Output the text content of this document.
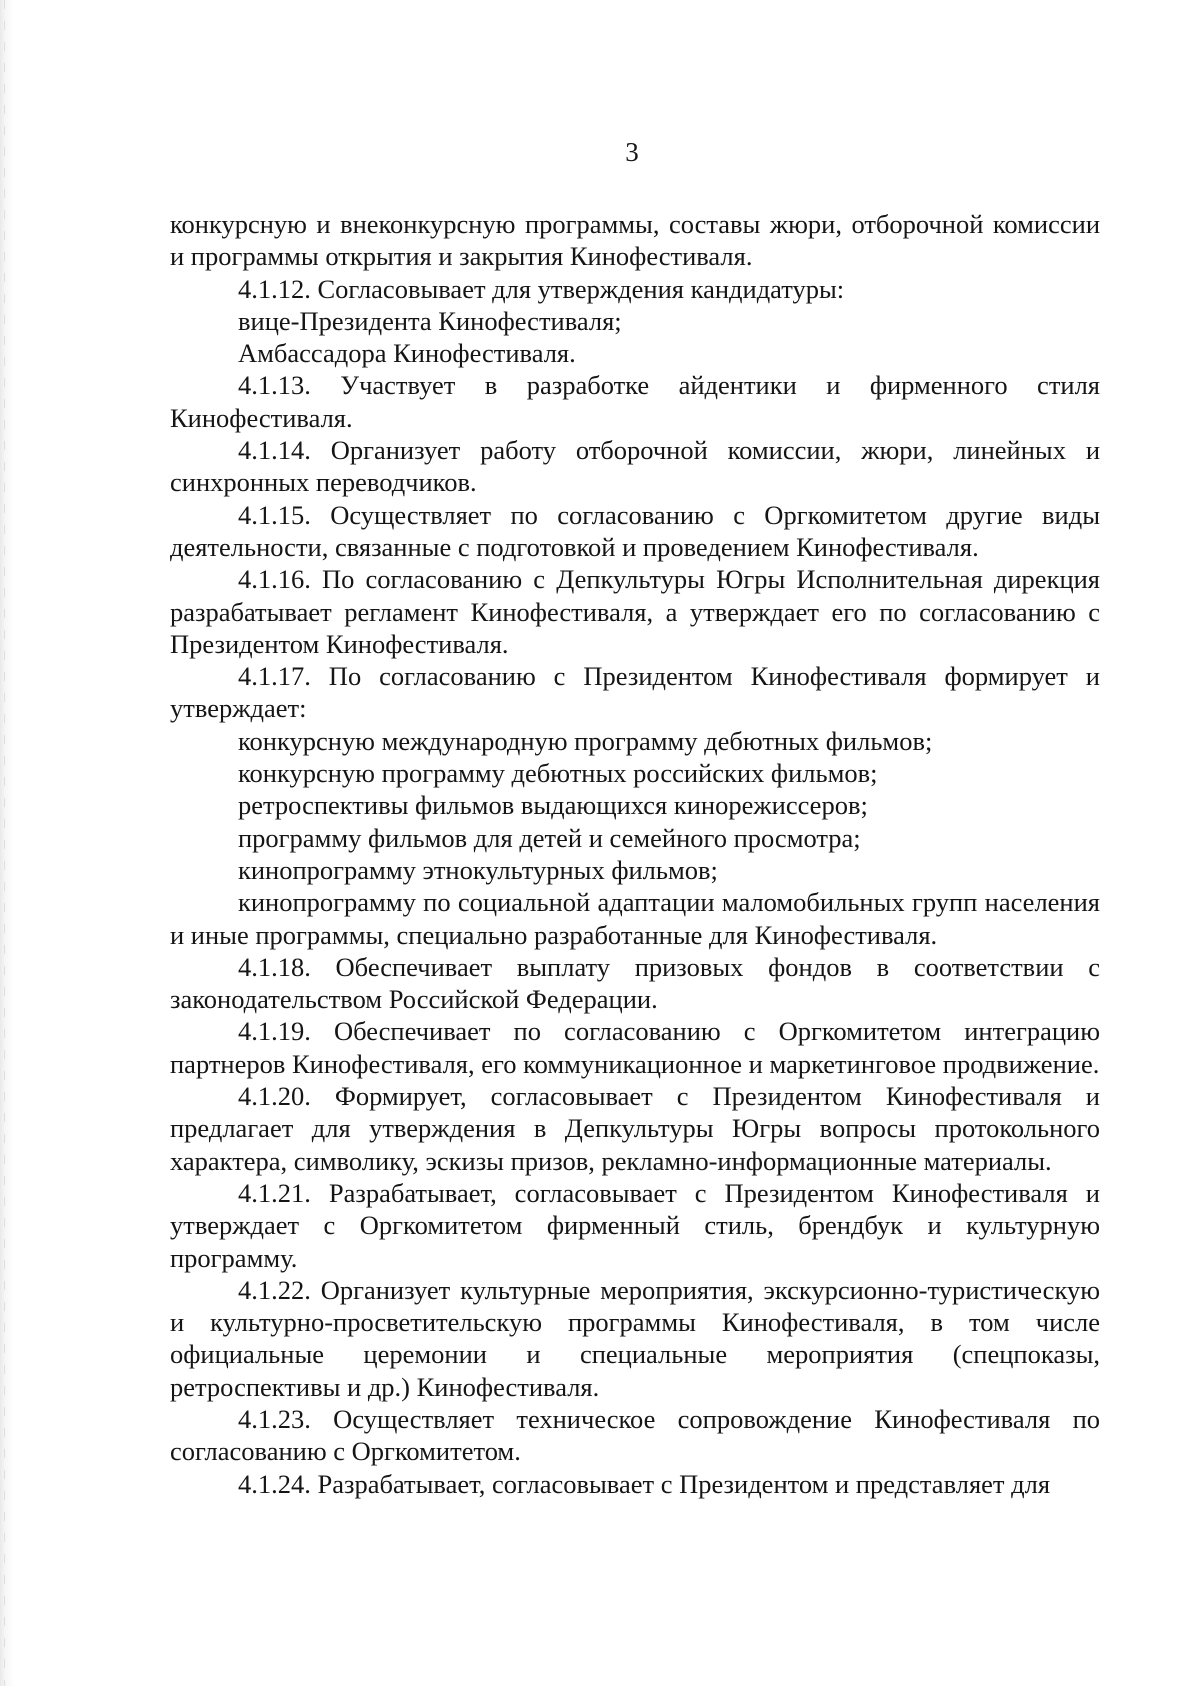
3

конкурсную и внеконкурсную программы, составы жюри, отборочной комиссии и программы открытия и закрытия Кинофестиваля.

4.1.12. Согласовывает для утверждения кандидатуры:

вице-Президента Кинофестиваля;

Амбассадора Кинофестиваля.

4.1.13. Участвует в разработке айдентики и фирменного стиля Кинофестиваля.

4.1.14. Организует работу отборочной комиссии, жюри, линейных и синхронных переводчиков.

4.1.15. Осуществляет по согласованию с Оргкомитетом другие виды деятельности, связанные с подготовкой и проведением Кинофестиваля.

4.1.16. По согласованию с Депкультуры Югры Исполнительная дирекция разрабатывает регламент Кинофестиваля, а утверждает его по согласованию с Президентом Кинофестиваля.

4.1.17. По согласованию с Президентом Кинофестиваля формирует и утверждает:

конкурсную международную программу дебютных фильмов;

конкурсную программу дебютных российских фильмов;

ретроспективы фильмов выдающихся кинорежиссеров;

программу фильмов для детей и семейного просмотра;

кинопрограмму этнокультурных фильмов;

кинопрограмму по социальной адаптации маломобильных групп населения и иные программы, специально разработанные для Кинофестиваля.

4.1.18. Обеспечивает выплату призовых фондов в соответствии с законодательством Российской Федерации.

4.1.19. Обеспечивает по согласованию с Оргкомитетом интеграцию партнеров Кинофестиваля, его коммуникационное и маркетинговое продвижение.

4.1.20. Формирует, согласовывает с Президентом Кинофестиваля и предлагает для утверждения в Депкультуры Югры вопросы протокольного характера, символику, эскизы призов, рекламно-информационные материалы.

4.1.21. Разрабатывает, согласовывает с Президентом Кинофестиваля и утверждает с Оргкомитетом фирменный стиль, брендбук и культурную программу.

4.1.22. Организует культурные мероприятия, экскурсионно-туристическую и культурно-просветительскую программы Кинофестиваля, в том числе официальные церемонии и специальные мероприятия (спецпоказы, ретроспективы и др.) Кинофестиваля.

4.1.23. Осуществляет техническое сопровождение Кинофестиваля по согласованию с Оргкомитетом.

4.1.24. Разрабатывает, согласовывает с Президентом и представляет для
